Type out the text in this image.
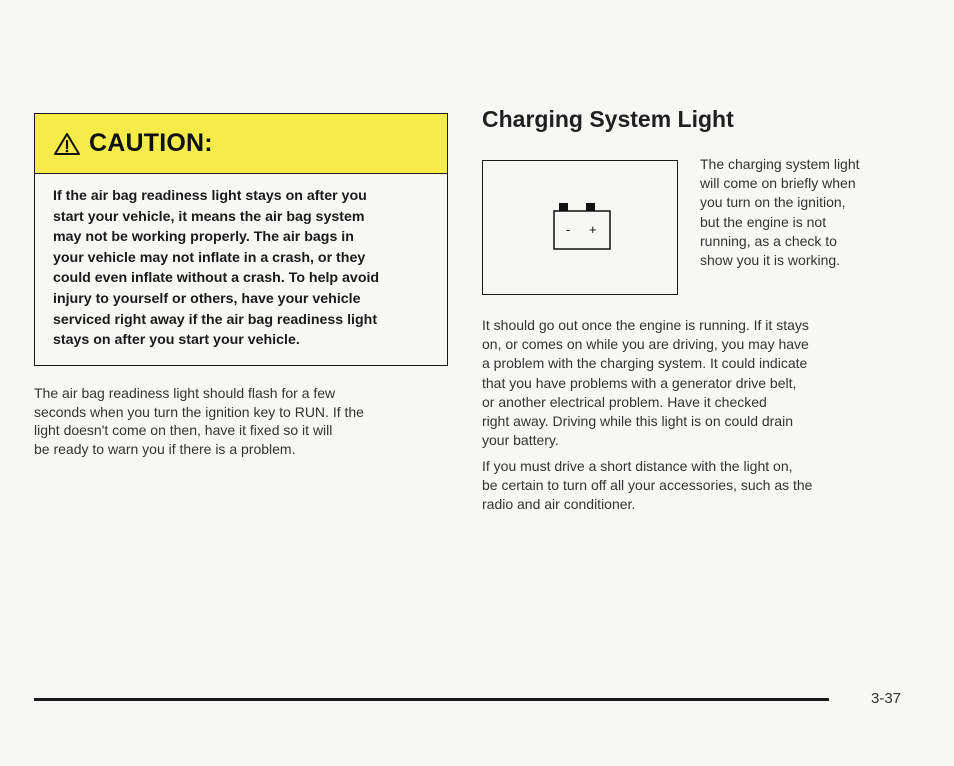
CAUTION:
If the air bag readiness light stays on after you
start your vehicle, it means the air bag system
may not be working properly. The air bags in
your vehicle may not inflate in a crash, or they
could even inflate without a crash. To help avoid
injury to yourself or others, have your vehicle
serviced right away if the air bag readiness light
stays on after you start your vehicle.
The air bag readiness light should flash for a few
seconds when you turn the ignition key to RUN. If the
light doesn't come on then, have it fixed so it will
be ready to warn you if there is a problem.
Charging System Light
- +
The charging system light
will come on briefly when
you turn on the ignition,
but the engine is not
running, as a check to
show you it is working.
It should go out once the engine is running. If it stays
on, or comes on while you are driving, you may have
a problem with the charging system. It could indicate
that you have problems with a generator drive belt,
or another electrical problem. Have it checked
right away. Driving while this light is on could drain
your battery.
If you must drive a short distance with the light on,
be certain to turn off all your accessories, such as the
radio and air conditioner.
3-37
